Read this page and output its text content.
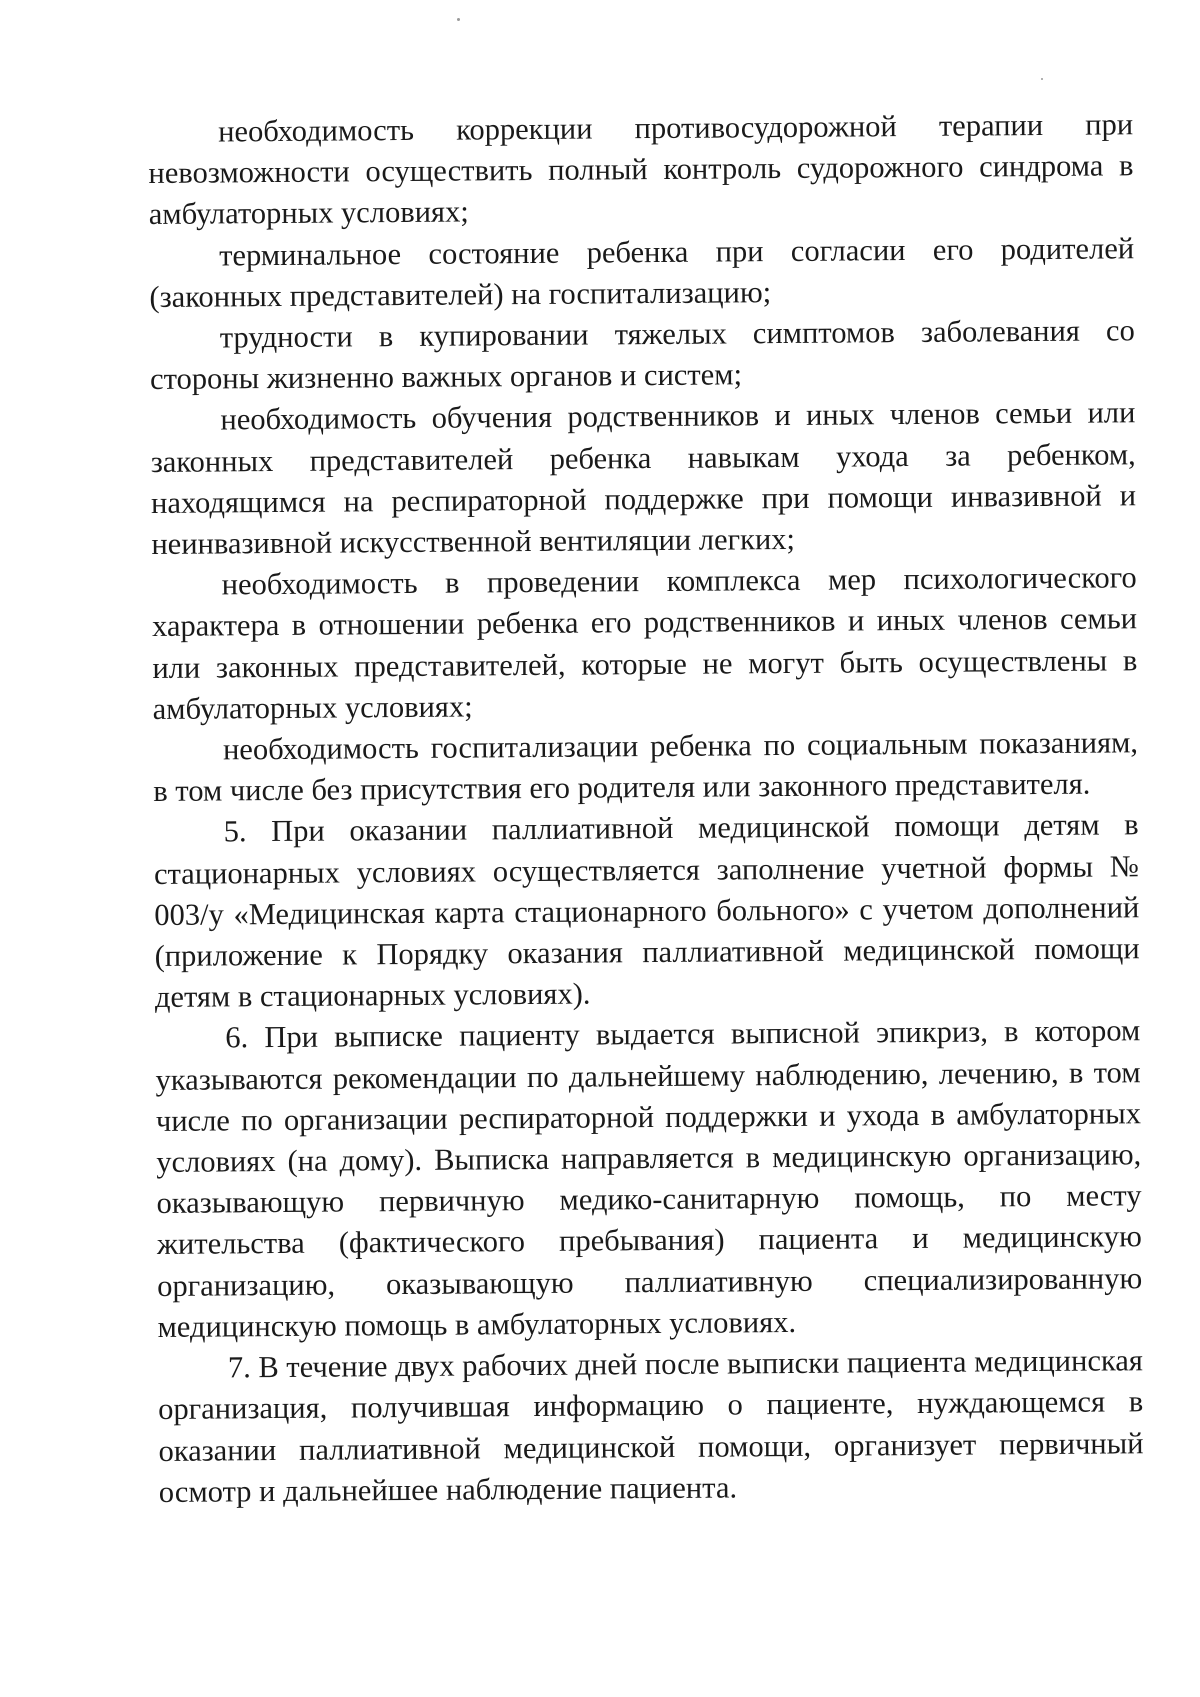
необходимость коррекции противосудорожной терапии при невозможности осуществить полный контроль судорожного синдрома в амбулаторных условиях;

терминальное состояние ребенка при согласии его родителей (законных представителей) на госпитализацию;

трудности в купировании тяжелых симптомов заболевания со стороны жизненно важных органов и систем;

необходимость обучения родственников и иных членов семьи или законных представителей ребенка навыкам ухода за ребенком, находящимся на респираторной поддержке при помощи инвазивной и неинвазивной искусственной вентиляции легких;

необходимость в проведении комплекса мер психологического характера в отношении ребенка его родственников и иных членов семьи или законных представителей, которые не могут быть осуществлены в амбулаторных условиях;

необходимость госпитализации ребенка по социальным показаниям, в том числе без присутствия его родителя или законного представителя.

5. При оказании паллиативной медицинской помощи детям в стационарных условиях осуществляется заполнение учетной формы № 003/у «Медицинская карта стационарного больного» с учетом дополнений (приложение к Порядку оказания паллиативной медицинской помощи детям в стационарных условиях).

6. При выписке пациенту выдается выписной эпикриз, в котором указываются рекомендации по дальнейшему наблюдению, лечению, в том числе по организации респираторной поддержки и ухода в амбулаторных условиях (на дому). Выписка направляется в медицинскую организацию, оказывающую первичную медико-санитарную помощь, по месту жительства (фактического пребывания) пациента и медицинскую организацию, оказывающую паллиативную специализированную медицинскую помощь в амбулаторных условиях.

7. В течение двух рабочих дней после выписки пациента медицинская организация, получившая информацию о пациенте, нуждающемся в оказании паллиативной медицинской помощи, организует первичный осмотр и дальнейшее наблюдение пациента.
